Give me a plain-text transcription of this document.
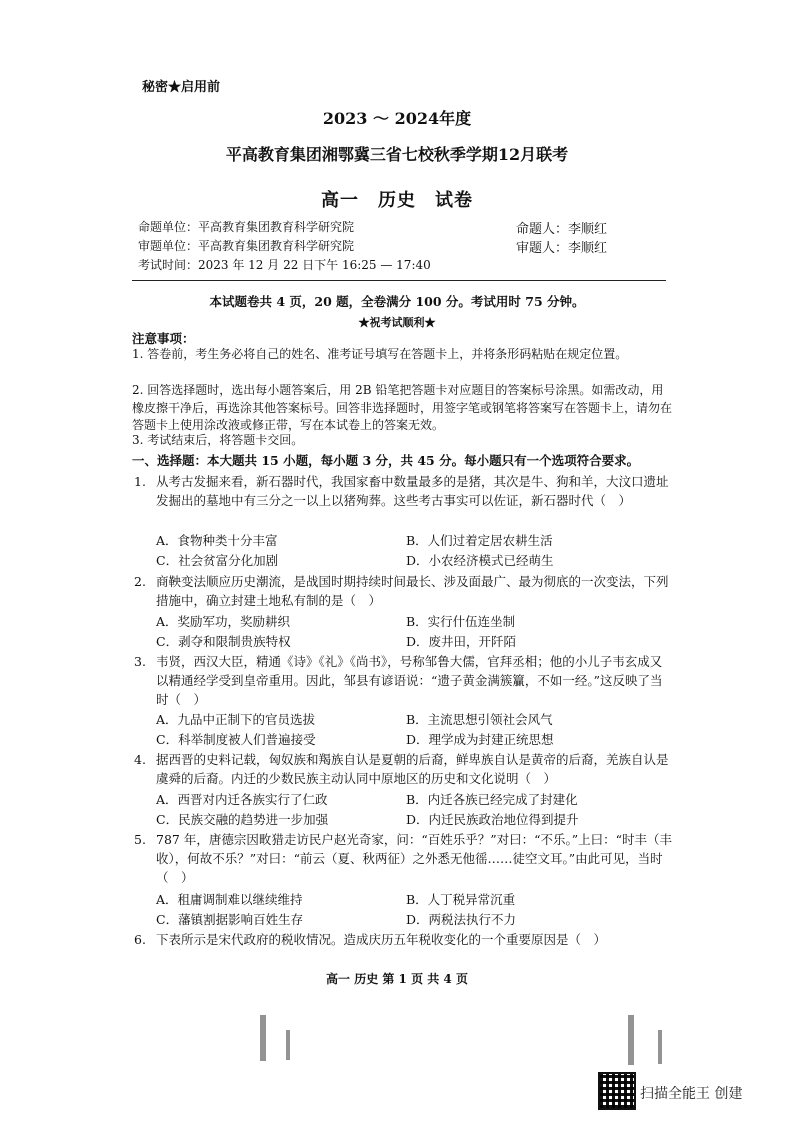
秘密★启用前
2023 ～ 2024年度
平高教育集团湘鄂冀三省七校秋季学期12月联考
高一　历史　试卷
命题单位：平高教育集团教育科学研究院
审题单位：平高教育集团教育科学研究院
考试时间：2023 年 12 月 22 日下午 16:25 — 17:40
命题人：李顺红
审题人：李顺红
本试题卷共 4 页，20 题，全卷满分 100 分。考试用时 75 分钟。
★祝考试顺利★
注意事项：
1. 答卷前，考生务必将自己的姓名、准考证号填写在答题卡上，并将条形码粘贴在规定位置。
2. 回答选择题时，选出每小题答案后，用 2B 铅笔把答题卡对应题目的答案标号涂黑。如需改动，用橡皮擦干净后，再选涂其他答案标号。回答非选择题时，用签字笔或钢笔将答案写在答题卡上，请勿在答题卡上使用涂改液或修正带，写在本试卷上的答案无效。
3. 考试结束后，将答题卡交回。
一、选择题：本大题共 15 小题，每小题 3 分，共 45 分。每小题只有一个选项符合要求。
1. 从考古发掘来看，新石器时代，我国家畜中数量最多的是猪，其次是牛、狗和羊，大汶口遗址发掘出的墓地中有三分之一以上以猪殉葬。这些考古事实可以佐证，新石器时代（　）
A．食物种类十分丰富	B．人们过着定居农耕生活
C．社会贫富分化加剧	D．小农经济模式已经萌生
2. 商鞅变法顺应历史潮流，是战国时期持续时间最长、涉及面最广、最为彻底的一次变法，下列措施中，确立封建土地私有制的是（　）
A．奖励军功，奖励耕织	B．实行什伍连坐制
C．剥夺和限制贵族特权	D．废井田，开阡陌
3. 韦贤，西汉大臣，精通《诗》《礼》《尚书》，号称邹鲁大儒，官拜丞相；他的小儿子韦玄成又以精通经学受到皇帝重用。因此，邹县有谚语说：“遗子黄金满簇籯，不如一经。”这反映了当时（　）
A．九品中正制下的官员选拔	B．主流思想引领社会风气
C．科举制度被人们普遍接受	D．理学成为封建正统思想
4. 据西晋的史料记载，匈奴族和羯族自认是夏朝的后裔，鲜卑族自认是黄帝的后裔，羌族自认是虞舜的后裔。内迁的少数民族主动认同中原地区的历史和文化说明（　）
A．西晋对内迁各族实行了仁政	B．内迁各族已经完成了封建化
C．民族交融的趋势进一步加强	D．内迁民族政治地位得到提升
5. 787 年，唐德宗因畋猎走访民户赵光奇家，问：“百姓乐乎？”对曰：“不乐。”上曰：“时丰（丰收），何故不乐？”对曰：“前云（夏、秋两征）之外悉无他徭……徒空文耳。”由此可见，当时（　）
A．租庸调制难以继续维持	B．人丁税异常沉重
C．藩镇割据影响百姓生存	D．两税法执行不力
6. 下表所示是宋代政府的税收情况。造成庆历五年税收变化的一个重要原因是（　）
高一 历史 第 1 页 共 4 页
扫描全能王 创建
